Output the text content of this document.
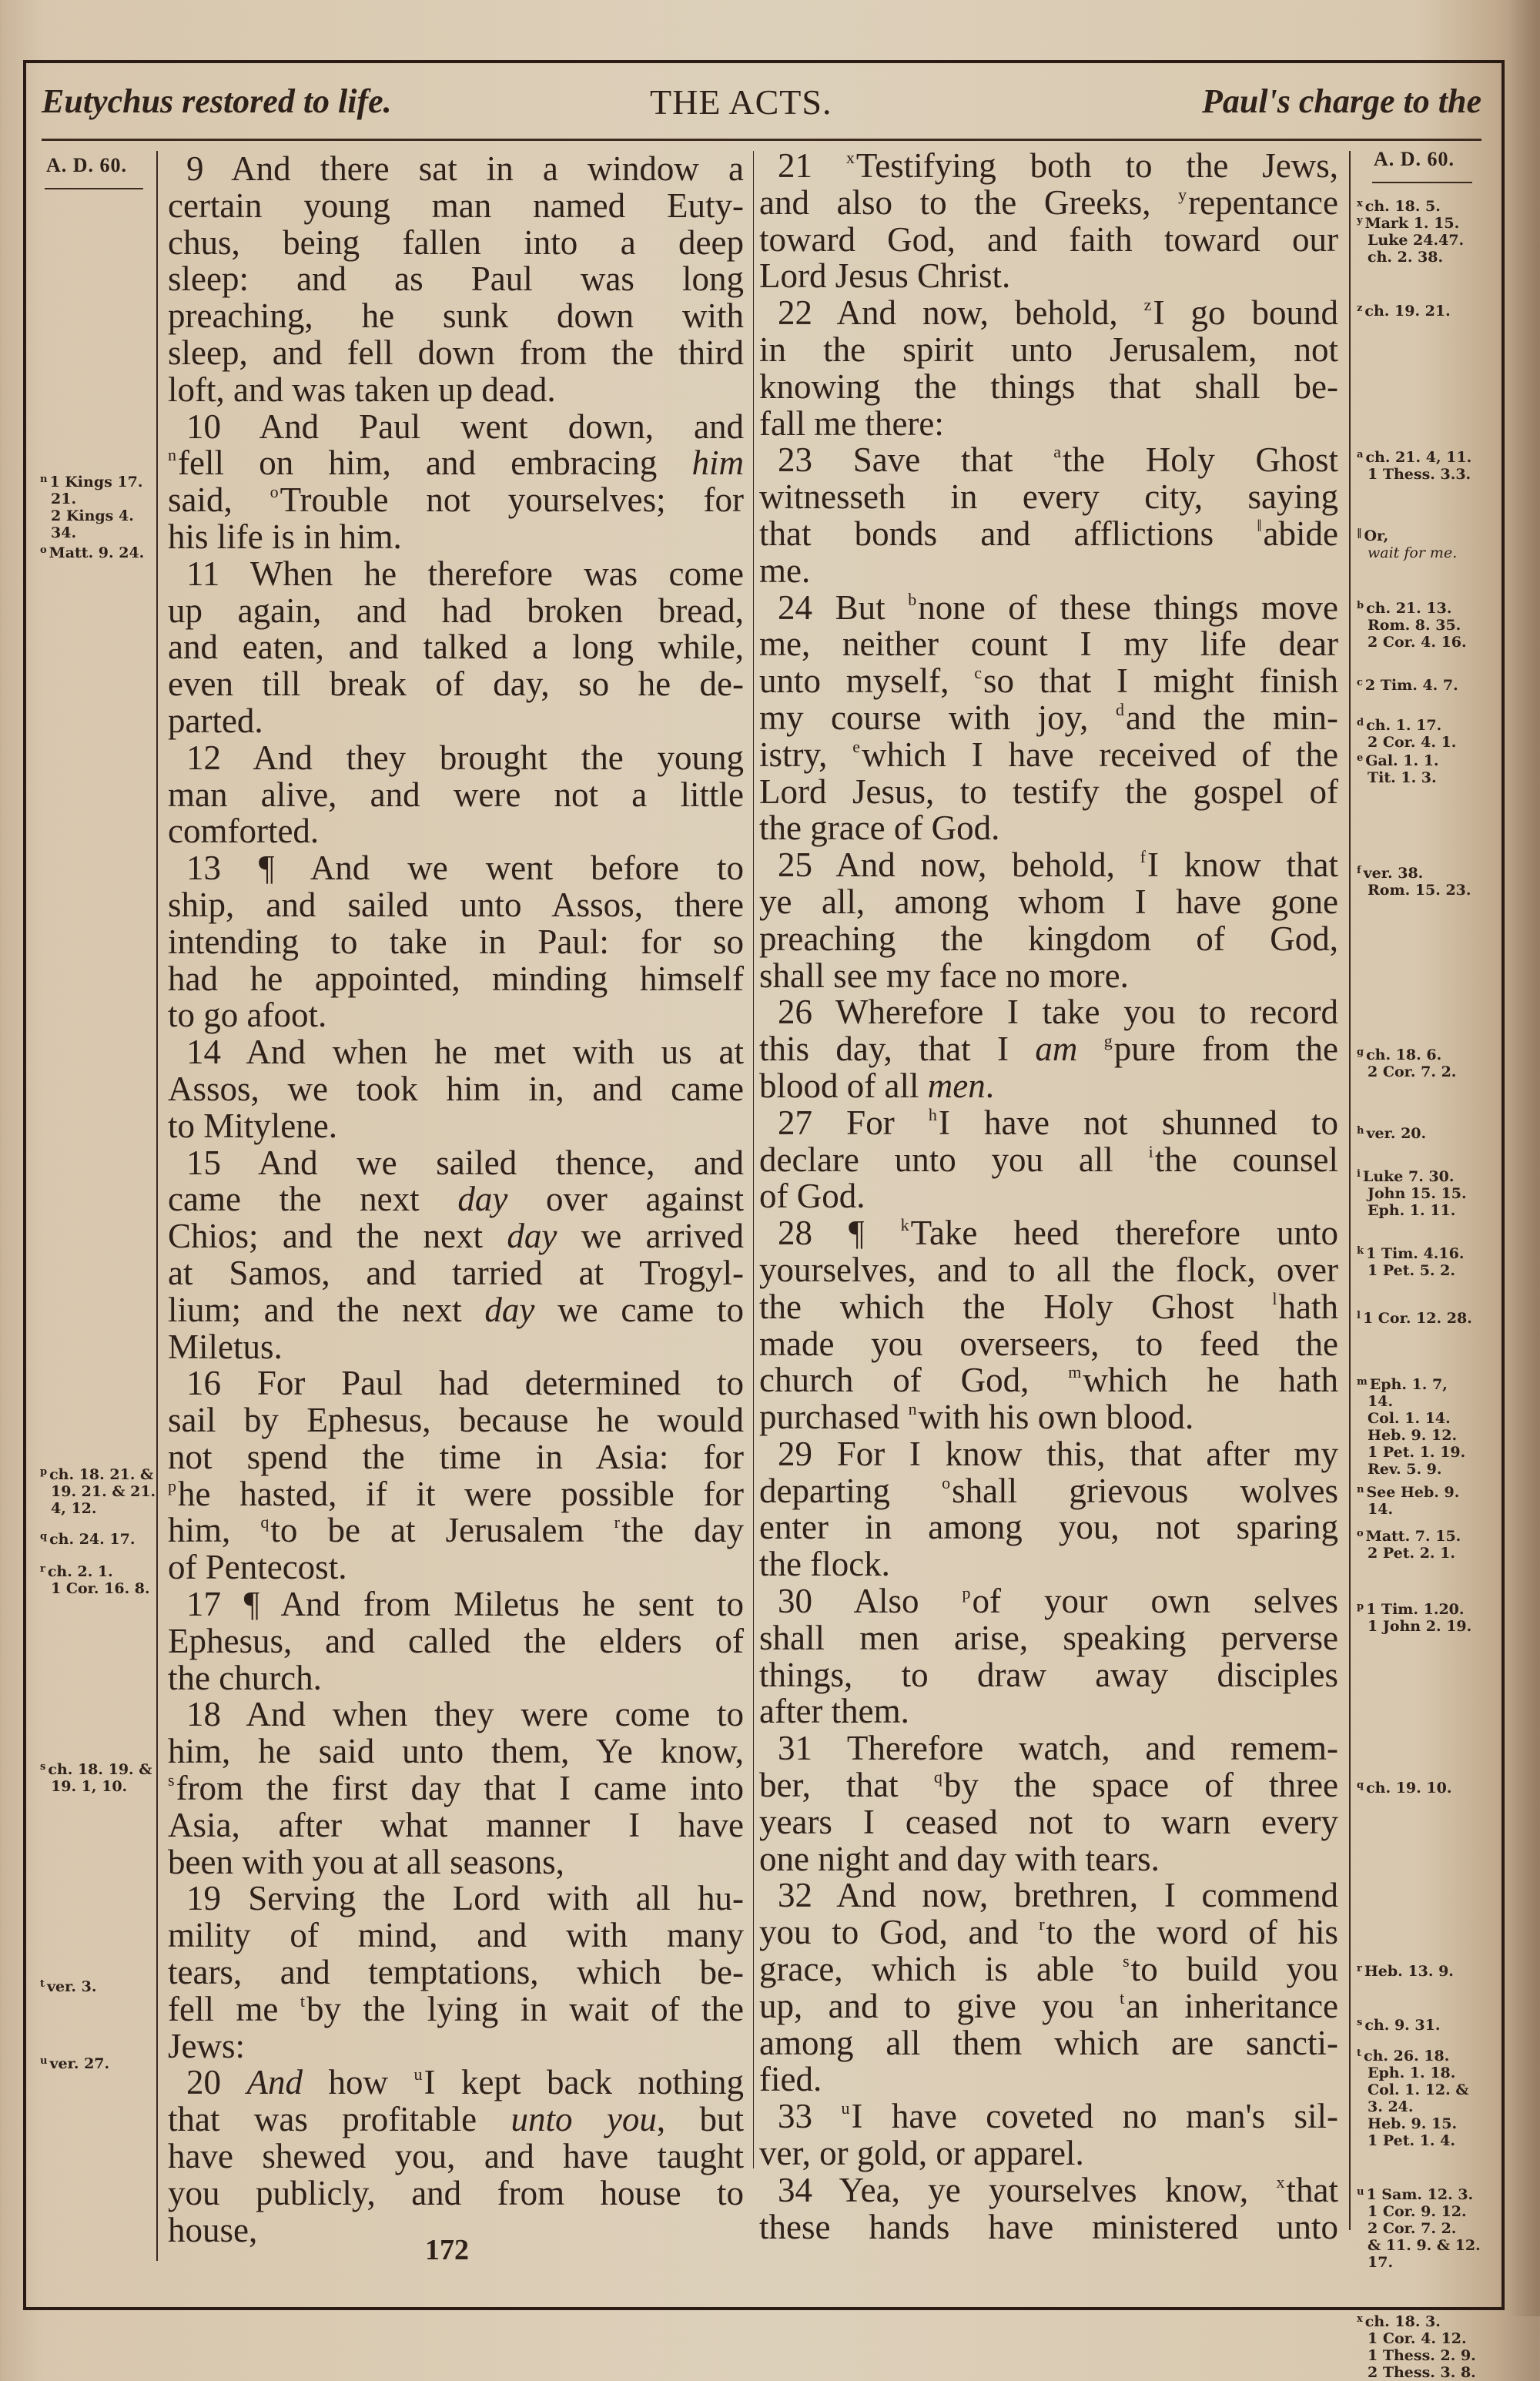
Eutychus restored to life.	THE ACTS.	Paul's charge to the
A. D. 60.
$^n$ 1 Kings 17.
21.
2 Kings 4.
34.
$^o$ Matt. 9. 24.
$^p$ ch. 18. 21. &
19. 21. & 21.
4, 12.
$^q$ ch. 24. 17.
$^r$ ch. 2. 1.
1 Cor. 16. 8.
$^s$ ch. 18. 19. &
19. 1, 10.
$^t$ ver. 3.
$^u$ ver. 27.
A. D. 60.
$^x$ ch. 18. 5.
$^y$ Mark 1. 15.
Luke 24.47.
ch. 2. 38.
$^z$ ch. 19. 21.
$^a$ ch. 21. 4, 11.
1 Thess. 3.3.
‖ Or,
wait for me.
$^b$ ch. 21. 13.
Rom. 8. 35.
2 Cor. 4. 16.
$^c$ 2 Tim. 4. 7.
$^d$ ch. 1. 17.
2 Cor. 4. 1.
$^e$ Gal. 1. 1.
Tit. 1. 3.
$^f$ ver. 38.
Rom. 15. 23.
$^g$ ch. 18. 6.
2 Cor. 7. 2.
$^h$ ver. 20.
$^i$ Luke 7. 30.
John 15. 15.
Eph. 1. 11.
$^k$ 1 Tim. 4.16.
1 Pet. 5. 2.
$^l$ 1 Cor. 12. 28.
$^m$ Eph. 1. 7,
14.
Col. 1. 14.
Heb. 9. 12.
1 Pet. 1. 19.
Rev. 5. 9.
$^n$ See Heb. 9.
14.
$^o$ Matt. 7. 15.
2 Pet. 2. 1.
$^p$ 1 Tim. 1.20.
1 John 2. 19.
$^q$ ch. 19. 10.
$^r$ Heb. 13. 9.
$^s$ ch. 9. 31.
$^t$ ch. 26. 18.
Eph. 1. 18.
Col. 1. 12. &
3. 24.
Heb. 9. 15.
1 Pet. 1. 4.
$^u$ 1 Sam. 12. 3.
1 Cor. 9. 12.
2 Cor. 7. 2.
& 11. 9. & 12.
17.
$^x$ ch. 18. 3.
1 Cor. 4. 12.
1 Thess. 2. 9.
2 Thess. 3. 8.
9 And there sat in a window a
certain young man named Euty-
chus, being fallen into a deep
sleep: and as Paul was long
preaching, he sunk down with
sleep, and fell down from the third
loft, and was taken up dead.
10 And Paul went down, and
$^n$fell on him, and embracing him
said, $^o$Trouble not yourselves; for
his life is in him.
11 When he therefore was come
up again, and had broken bread,
and eaten, and talked a long while,
even till break of day, so he de-
parted.
12 And they brought the young
man alive, and were not a little
comforted.
13 ¶ And we went before to
ship, and sailed unto Assos, there
intending to take in Paul: for so
had he appointed, minding himself
to go afoot.
14 And when he met with us at
Assos, we took him in, and came
to Mitylene.
15 And we sailed thence, and
came the next day over against
Chios; and the next day we arrived
at Samos, and tarried at Trogyl-
lium; and the next day we came to
Miletus.
16 For Paul had determined to
sail by Ephesus, because he would
not spend the time in Asia: for
$^p$he hasted, if it were possible for
him, $^q$to be at Jerusalem $^r$the day
of Pentecost.
17 ¶ And from Miletus he sent to
Ephesus, and called the elders of
the church.
18 And when they were come to
him, he said unto them, Ye know,
$^s$from the first day that I came into
Asia, after what manner I have
been with you at all seasons,
19 Serving the Lord with all hu-
mility of mind, and with many
tears, and temptations, which be-
fell me $^t$by the lying in wait of the
Jews:
20 And how $^u$I kept back nothing
that was profitable unto you, but
have shewed you, and have taught
you publicly, and from house to
house,
21 $^x$Testifying both to the Jews,
and also to the Greeks, $^y$repentance
toward God, and faith toward our
Lord Jesus Christ.
22 And now, behold, $^z$I go bound
in the spirit unto Jerusalem, not
knowing the things that shall be-
fall me there:
23 Save that $^a$the Holy Ghost
witnesseth in every city, saying
that bonds and afflictions ‖abide
me.
24 But $^b$none of these things move
me, neither count I my life dear
unto myself, $^c$so that I might finish
my course with joy, $^d$and the min-
istry, $^e$which I have received of the
Lord Jesus, to testify the gospel of
the grace of God.
25 And now, behold, $^f$I know that
ye all, among whom I have gone
preaching the kingdom of God,
shall see my face no more.
26 Wherefore I take you to record
this day, that I am $^g$pure from the
blood of all men.
27 For $^h$I have not shunned to
declare unto you all $^i$the counsel
of God.
28 ¶ $^k$Take heed therefore unto
yourselves, and to all the flock, over
the which the Holy Ghost $^l$hath
made you overseers, to feed the
church of God, $^m$which he hath
purchased $^n$with his own blood.
29 For I know this, that after my
departing $^o$shall grievous wolves
enter in among you, not sparing
the flock.
30 Also $^p$of your own selves
shall men arise, speaking perverse
things, to draw away disciples
after them.
31 Therefore watch, and remem-
ber, that $^q$by the space of three
years I ceased not to warn every
one night and day with tears.
32 And now, brethren, I commend
you to God, and $^r$to the word of his
grace, which is able $^s$to build you
up, and to give you $^t$an inheritance
among all them which are sancti-
fied.
33 $^u$I have coveted no man's sil-
ver, or gold, or apparel.
34 Yea, ye yourselves know, $^x$that
these hands have ministered unto
172
